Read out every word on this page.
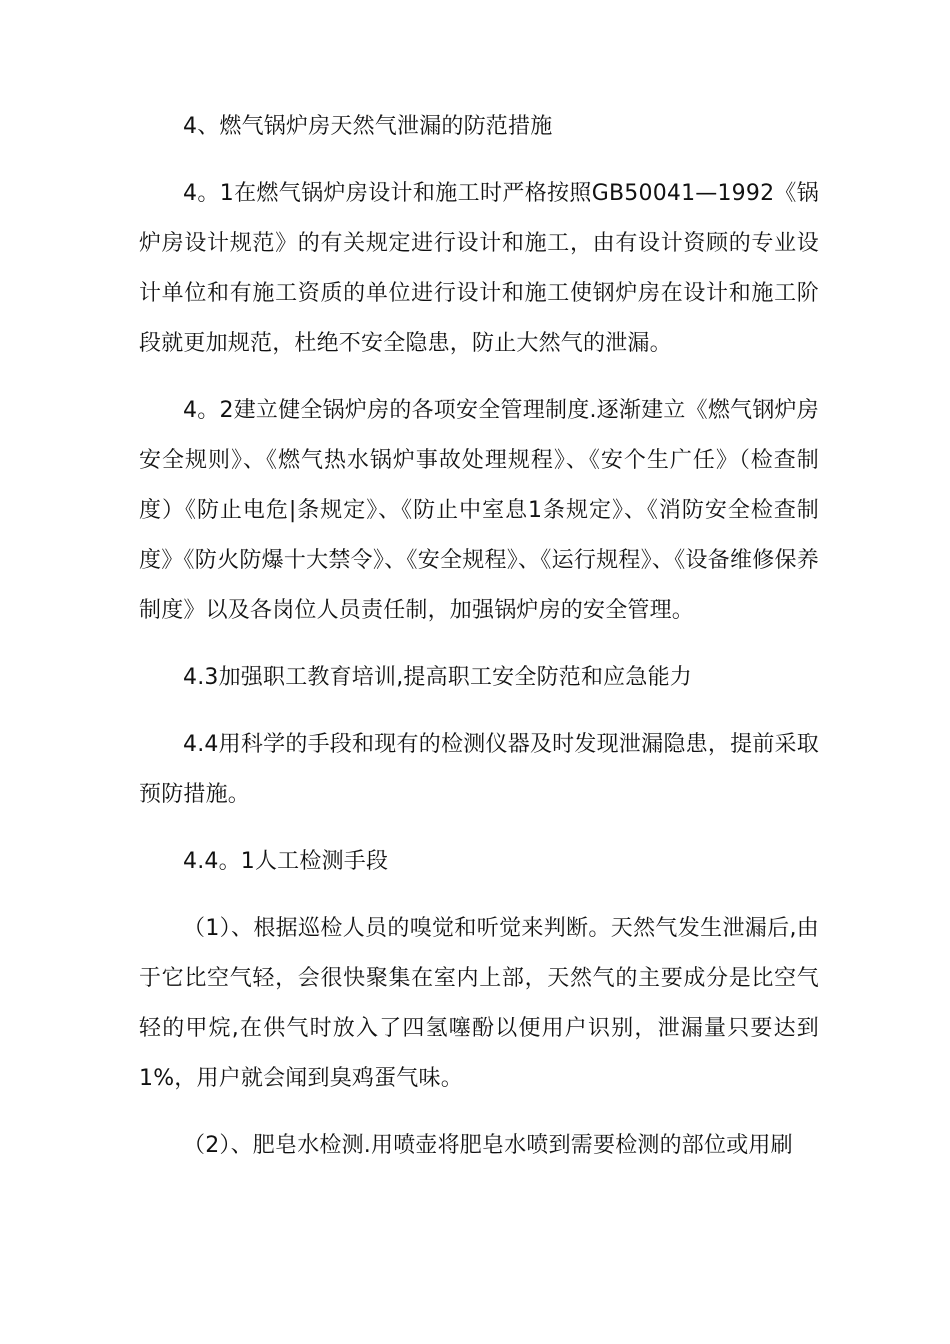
4、燃气锅炉房天然气泄漏的防范措施

4。1在燃气锅炉房设计和施工时严格按照GB50041—1992《锅炉房设计规范》的有关规定进行设计和施工，由有设计资顾的专业设计单位和有施工资质的单位进行设计和施工使钢炉房在设计和施工阶段就更加规范，杜绝不安全隐患，防止大然气的泄漏。

4。2建立健全锅炉房的各项安全管理制度.逐渐建立《燃气钢炉房安全规则》、《燃气热水锅炉事故处理规程》、《安个生广任》（检查制度）《防止电危|条规定》、《防止中室息1条规定》、《消防安全检查制度》《防火防爆十大禁令》、《安全规程》、《运行规程》、《设备维修保养制度》以及各岗位人员责任制，加强锅炉房的安全管理。

4.3加强职工教育培训,提高职工安全防范和应急能力

4.4用科学的手段和现有的检测仪器及时发现泄漏隐患，提前采取预防措施。

4.4。1人工检测手段

（1）、根据巡检人员的嗅觉和听觉来判断。天然气发生泄漏后,由于它比空气轻，会很快聚集在室内上部，天然气的主要成分是比空气轻的甲烷,在供气时放入了四氢噻酚以便用户识别，泄漏量只要达到1%，用户就会闻到臭鸡蛋气味。

（2）、肥皂水检测.用喷壶将肥皂水喷到需要检测的部位或用刷
